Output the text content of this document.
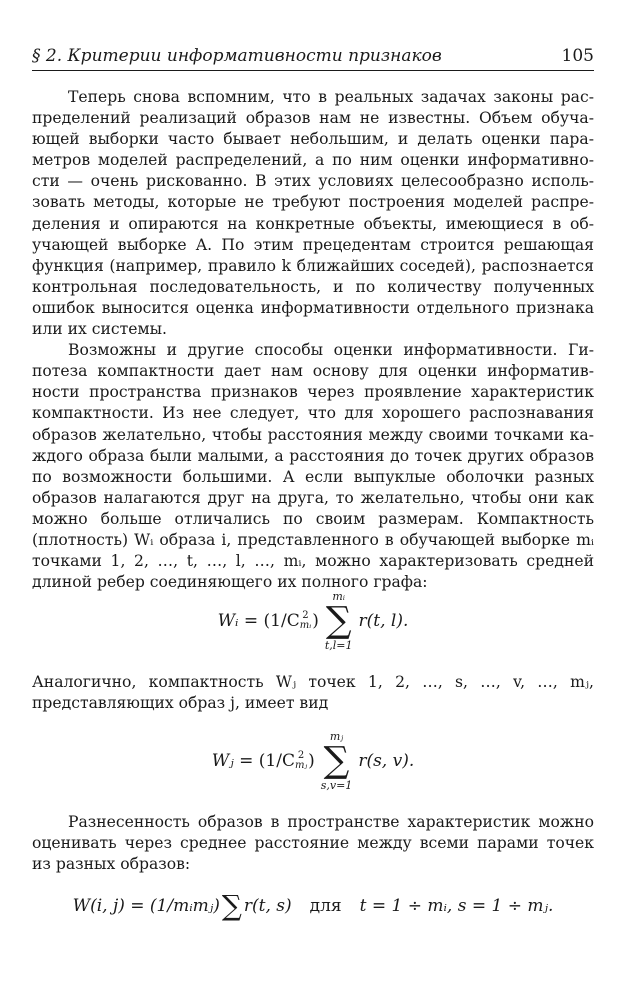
§ 2. Критерии информативности признаков	105

Теперь снова вспомним, что в реальных задачах законы распределений реализаций образов нам не известны. Объем обучающей выборки часто бывает небольшим, и делать оценки параметров моделей распределений, а по ним оценки информативности — очень рискованно. В этих условиях целесообразно использовать методы, которые не требуют построения моделей распределения и опираются на конкретные объекты, имеющиеся в обучающей выборке A. По этим прецедентам строится решающая функция (например, правило k ближайших соседей), распознается контрольная последовательность, и по количеству полученных ошибок выносится оценка информативности отдельного признака или их системы.

Возможны и другие способы оценки информативности. Гипотеза компактности дает нам основу для оценки информативности пространства признаков через проявление характеристик компактности. Из нее следует, что для хорошего распознавания образов желательно, чтобы расстояния между своими точками каждого образа были малыми, а расстояния до точек других образов по возможности большими. А если выпуклые оболочки разных образов налагаются друг на друга, то желательно, чтобы они как можно больше отличались по своим размерам. Компактность (плотность) Wᵢ образа i, представленного в обучающей выборке mᵢ точками 1, 2, …, t, …, l, …, mᵢ, можно характеризовать средней длиной ребер соединяющего их полного графа:

Wᵢ = (1/C 2
mᵢ )
mᵢ
∑
t,l=1
r(t, l).

Аналогично, компактность Wⱼ точек 1, 2, …, s, …, v, …, mⱼ, представляющих образ j, имеет вид

Wⱼ = (1/C 2
mⱼ )
mⱼ
∑
s,v=1
r(s, v).

Разнесенность образов в пространстве характеристик можно оценивать через среднее расстояние между всеми парами точек из разных образов:

W(i, j) = (1/mᵢmⱼ) ∑ r(t, s) для t = 1 ÷ mᵢ, s = 1 ÷ mⱼ.
